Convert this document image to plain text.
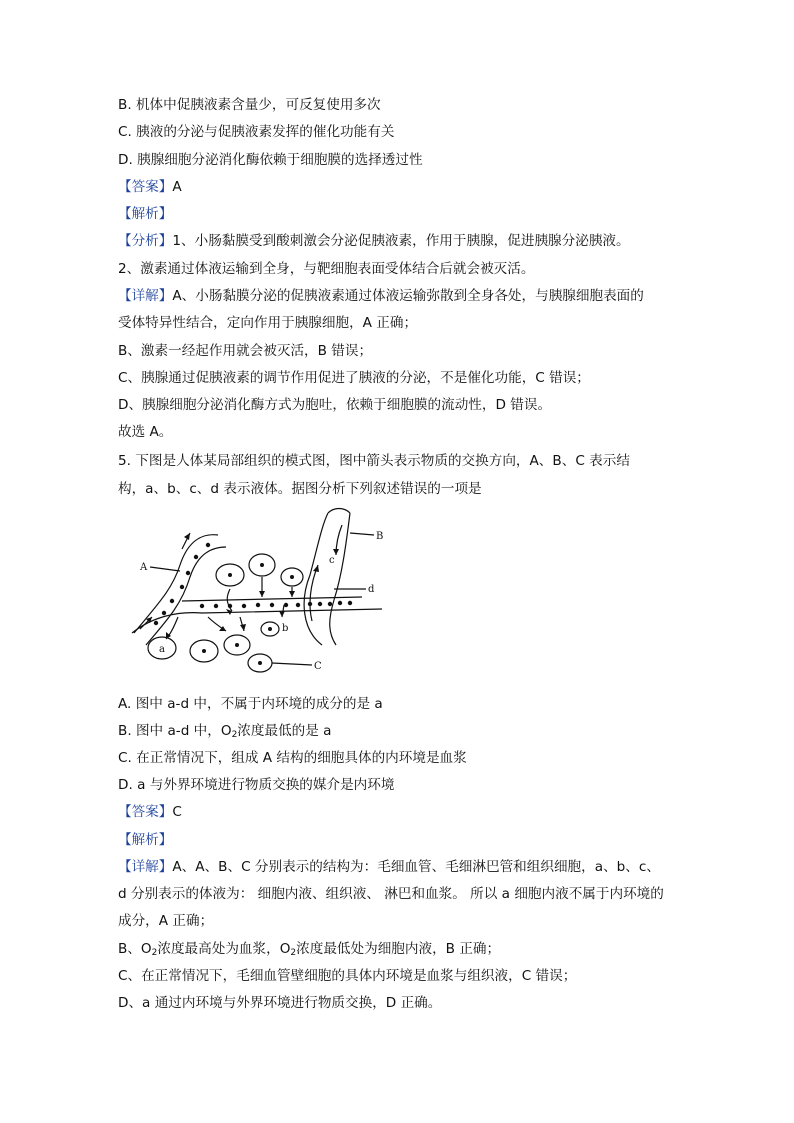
B. 机体中促胰液素含量少，可反复使用多次
C. 胰液的分泌与促胰液素发挥的催化功能有关
D. 胰腺细胞分泌消化酶依赖于细胞膜的选择透过性
【答案】A
【解析】
【分析】1、小肠黏膜受到酸刺激会分泌促胰液素，作用于胰腺，促进胰腺分泌胰液。
2、激素通过体液运输到全身，与靶细胞表面受体结合后就会被灭活。
【详解】A、小肠黏膜分泌的促胰液素通过体液运输弥散到全身各处，与胰腺细胞表面的
受体特异性结合，定向作用于胰腺细胞，A 正确；
B、激素一经起作用就会被灭活，B 错误；
C、胰腺通过促胰液素的调节作用促进了胰液的分泌，不是催化功能，C 错误；
D、胰腺细胞分泌消化酶方式为胞吐，依赖于细胞膜的流动性，D 错误。
故选 A。
5. 下图是人体某局部组织的模式图，图中箭头表示物质的交换方向，A、B、C 表示结
构，a、b、c、d 表示液体。据图分析下列叙述错误的一项是
A
B
C
a
b
c
d
A. 图中 a-d 中，不属于内环境的成分的是 a
B. 图中 a-d 中，$O_2$浓度最低的是 a
C. 在正常情况下，组成 A 结构的细胞具体的内环境是血浆
D. a 与外界环境进行物质交换的媒介是内环境
【答案】C
【解析】
【详解】A、A、B、C 分别表示的结构为：毛细血管、毛细淋巴管和组织细胞，a、b、c、
d 分别表示的体液为： 细胞内液、组织液、 淋巴和血浆。 所以 a 细胞内液不属于内环境的
成分，A 正确；
B、$O_2$浓度最高处为血浆，$O_2$浓度最低处为细胞内液，B 正确；
C、在正常情况下，毛细血管壁细胞的具体内环境是血浆与组织液，C 错误；
D、a 通过内环境与外界环境进行物质交换，D 正确。
